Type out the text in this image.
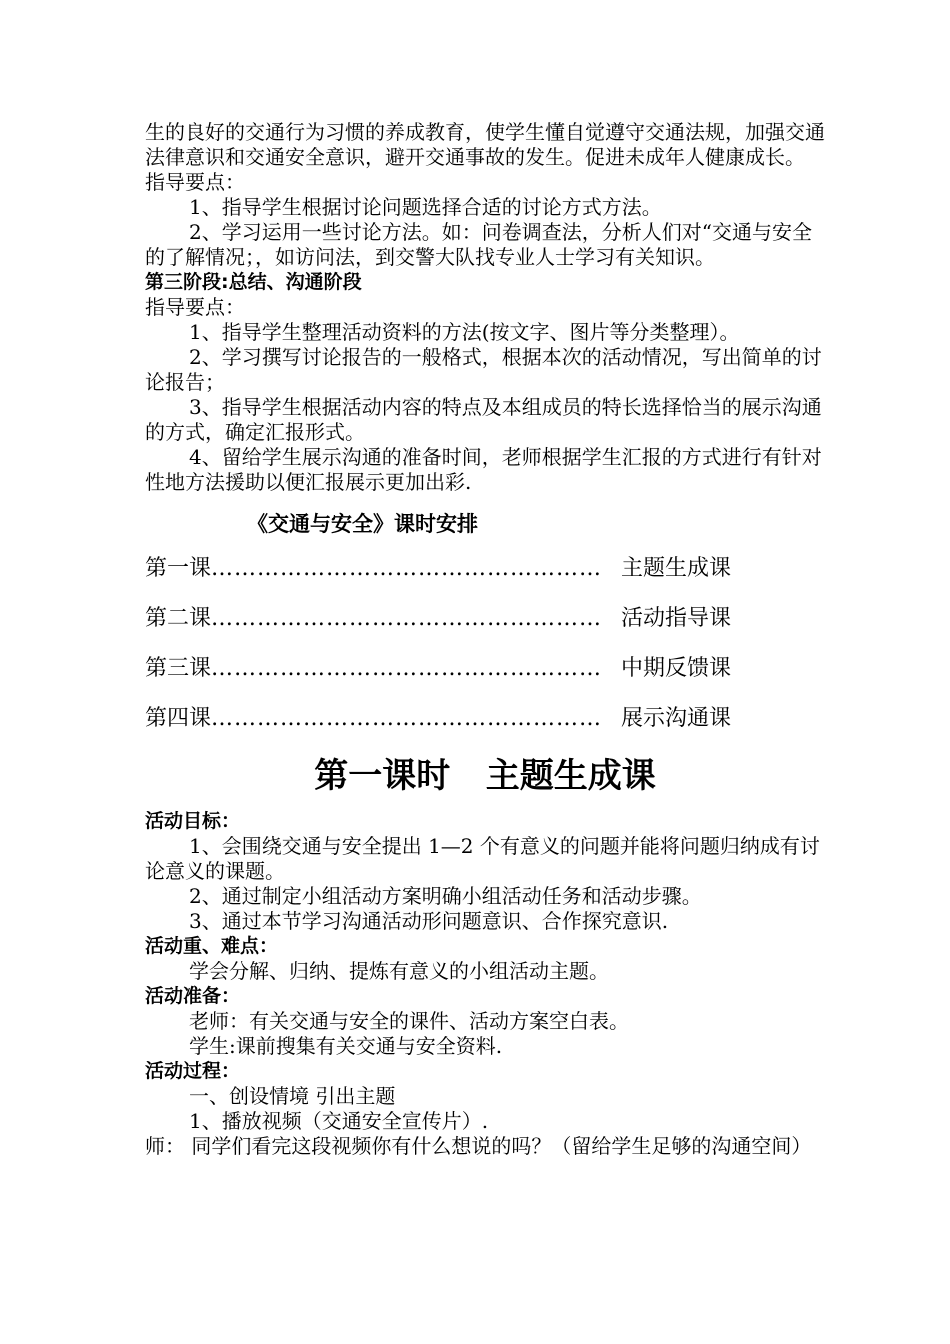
生的良好的交通行为习惯的养成教育，使学生懂自觉遵守交通法规，加强交通法律意识和交通安全意识，避开交通事故的发生。促进未成年人健康成长。

指导要点：

1、指导学生根据讨论问题选择合适的讨论方式方法。

2、学习运用一些讨论方法。如：问卷调查法，分析人们对“交通与安全的了解情况；，如访问法，到交警大队找专业人士学习有关知识。

第三阶段:总结、沟通阶段

指导要点：

1、指导学生整理活动资料的方法(按文字、图片等分类整理）。

2、学习撰写讨论报告的一般格式，根据本次的活动情况，写出简单的讨论报告；

3、指导学生根据活动内容的特点及本组成员的特长选择恰当的展示沟通的方式，确定汇报形式。

4、留给学生展示沟通的准备时间，老师根据学生汇报的方式进行有针对性地方法援助以便汇报展示更加出彩.

《交通与安全》课时安排
第一课 …………………………………………… 主题生成课
第二课 …………………………………………… 活动指导课
第三课 …………………………………………… 中期反馈课
第四课 …………………………………………… 展示沟通课
第一课时   主题生成课

活动目标：

1、会围绕交通与安全提出 1—2 个有意义的问题并能将问题归纳成有讨论意义的课题。

2、通过制定小组活动方案明确小组活动任务和活动步骤。

3、通过本节学习沟通活动形问题意识、合作探究意识.

活动重、难点：

学会分解、归纳、提炼有意义的小组活动主题。

活动准备：

老师：有关交通与安全的课件、活动方案空白表。

学生:课前搜集有关交通与安全资料.

活动过程：

一、创设情境 引出主题

1、播放视频（交通安全宣传片）.

师： 同学们看完这段视频你有什么想说的吗？（留给学生足够的沟通空间）
